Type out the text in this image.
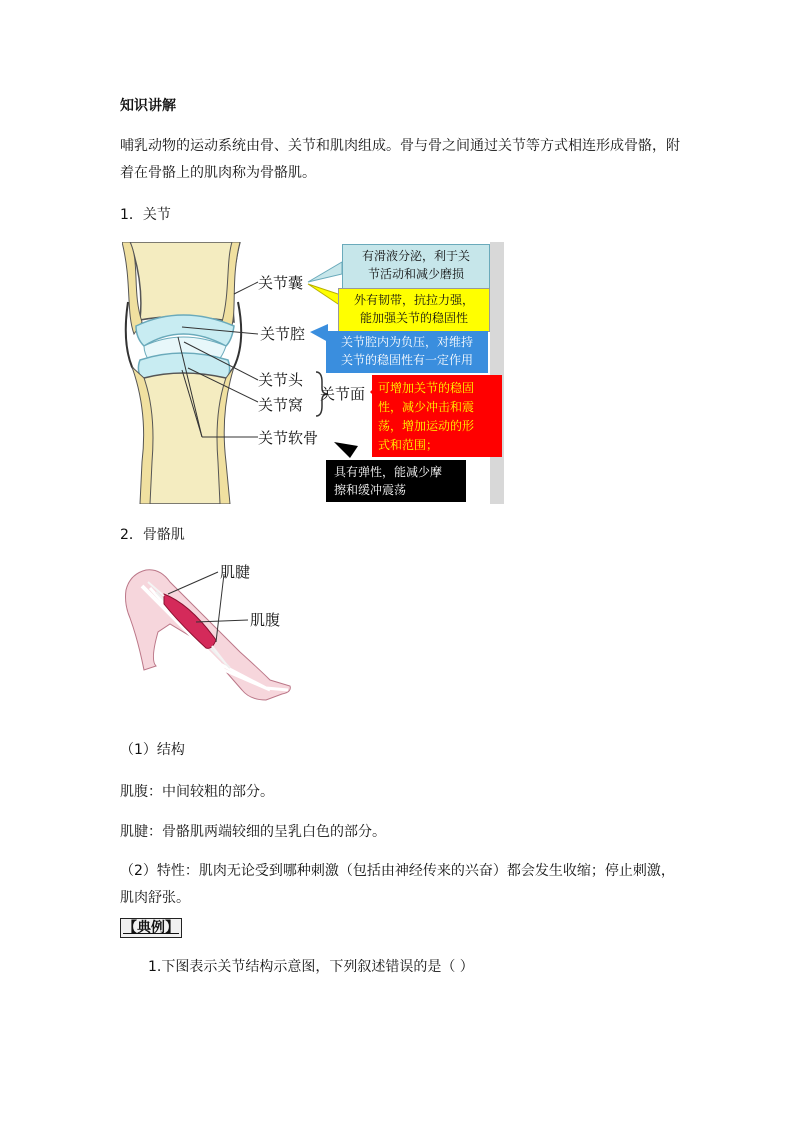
知识讲解
哺乳动物的运动系统由骨、关节和肌肉组成。骨与骨之间通过关节等方式相连形成骨骼，附着在骨骼上的肌肉称为骨骼肌。
1．关节
关节囊
关节腔
关节头
关节窝
关节面
关节软骨
有滑液分泌，利于关
节活动和减少磨损
外有韧带，抗拉力强，
能加强关节的稳固性
关节腔内为负压，对维持
关节的稳固性有一定作用
可增加关节的稳固
性，减少冲击和震
荡，增加运动的形
式和范围；
具有弹性，能减少摩
擦和缓冲震荡
2．骨骼肌
肌腱
肌腹
（1）结构
肌腹：中间较粗的部分。
肌腱：骨骼肌两端较细的呈乳白色的部分。
（2）特性：肌肉无论受到哪种刺激（包括由神经传来的兴奋）都会发生收缩；停止刺激，肌肉舒张。
【典例】
1.下图表示关节结构示意图，下列叙述错误的是（ ）
